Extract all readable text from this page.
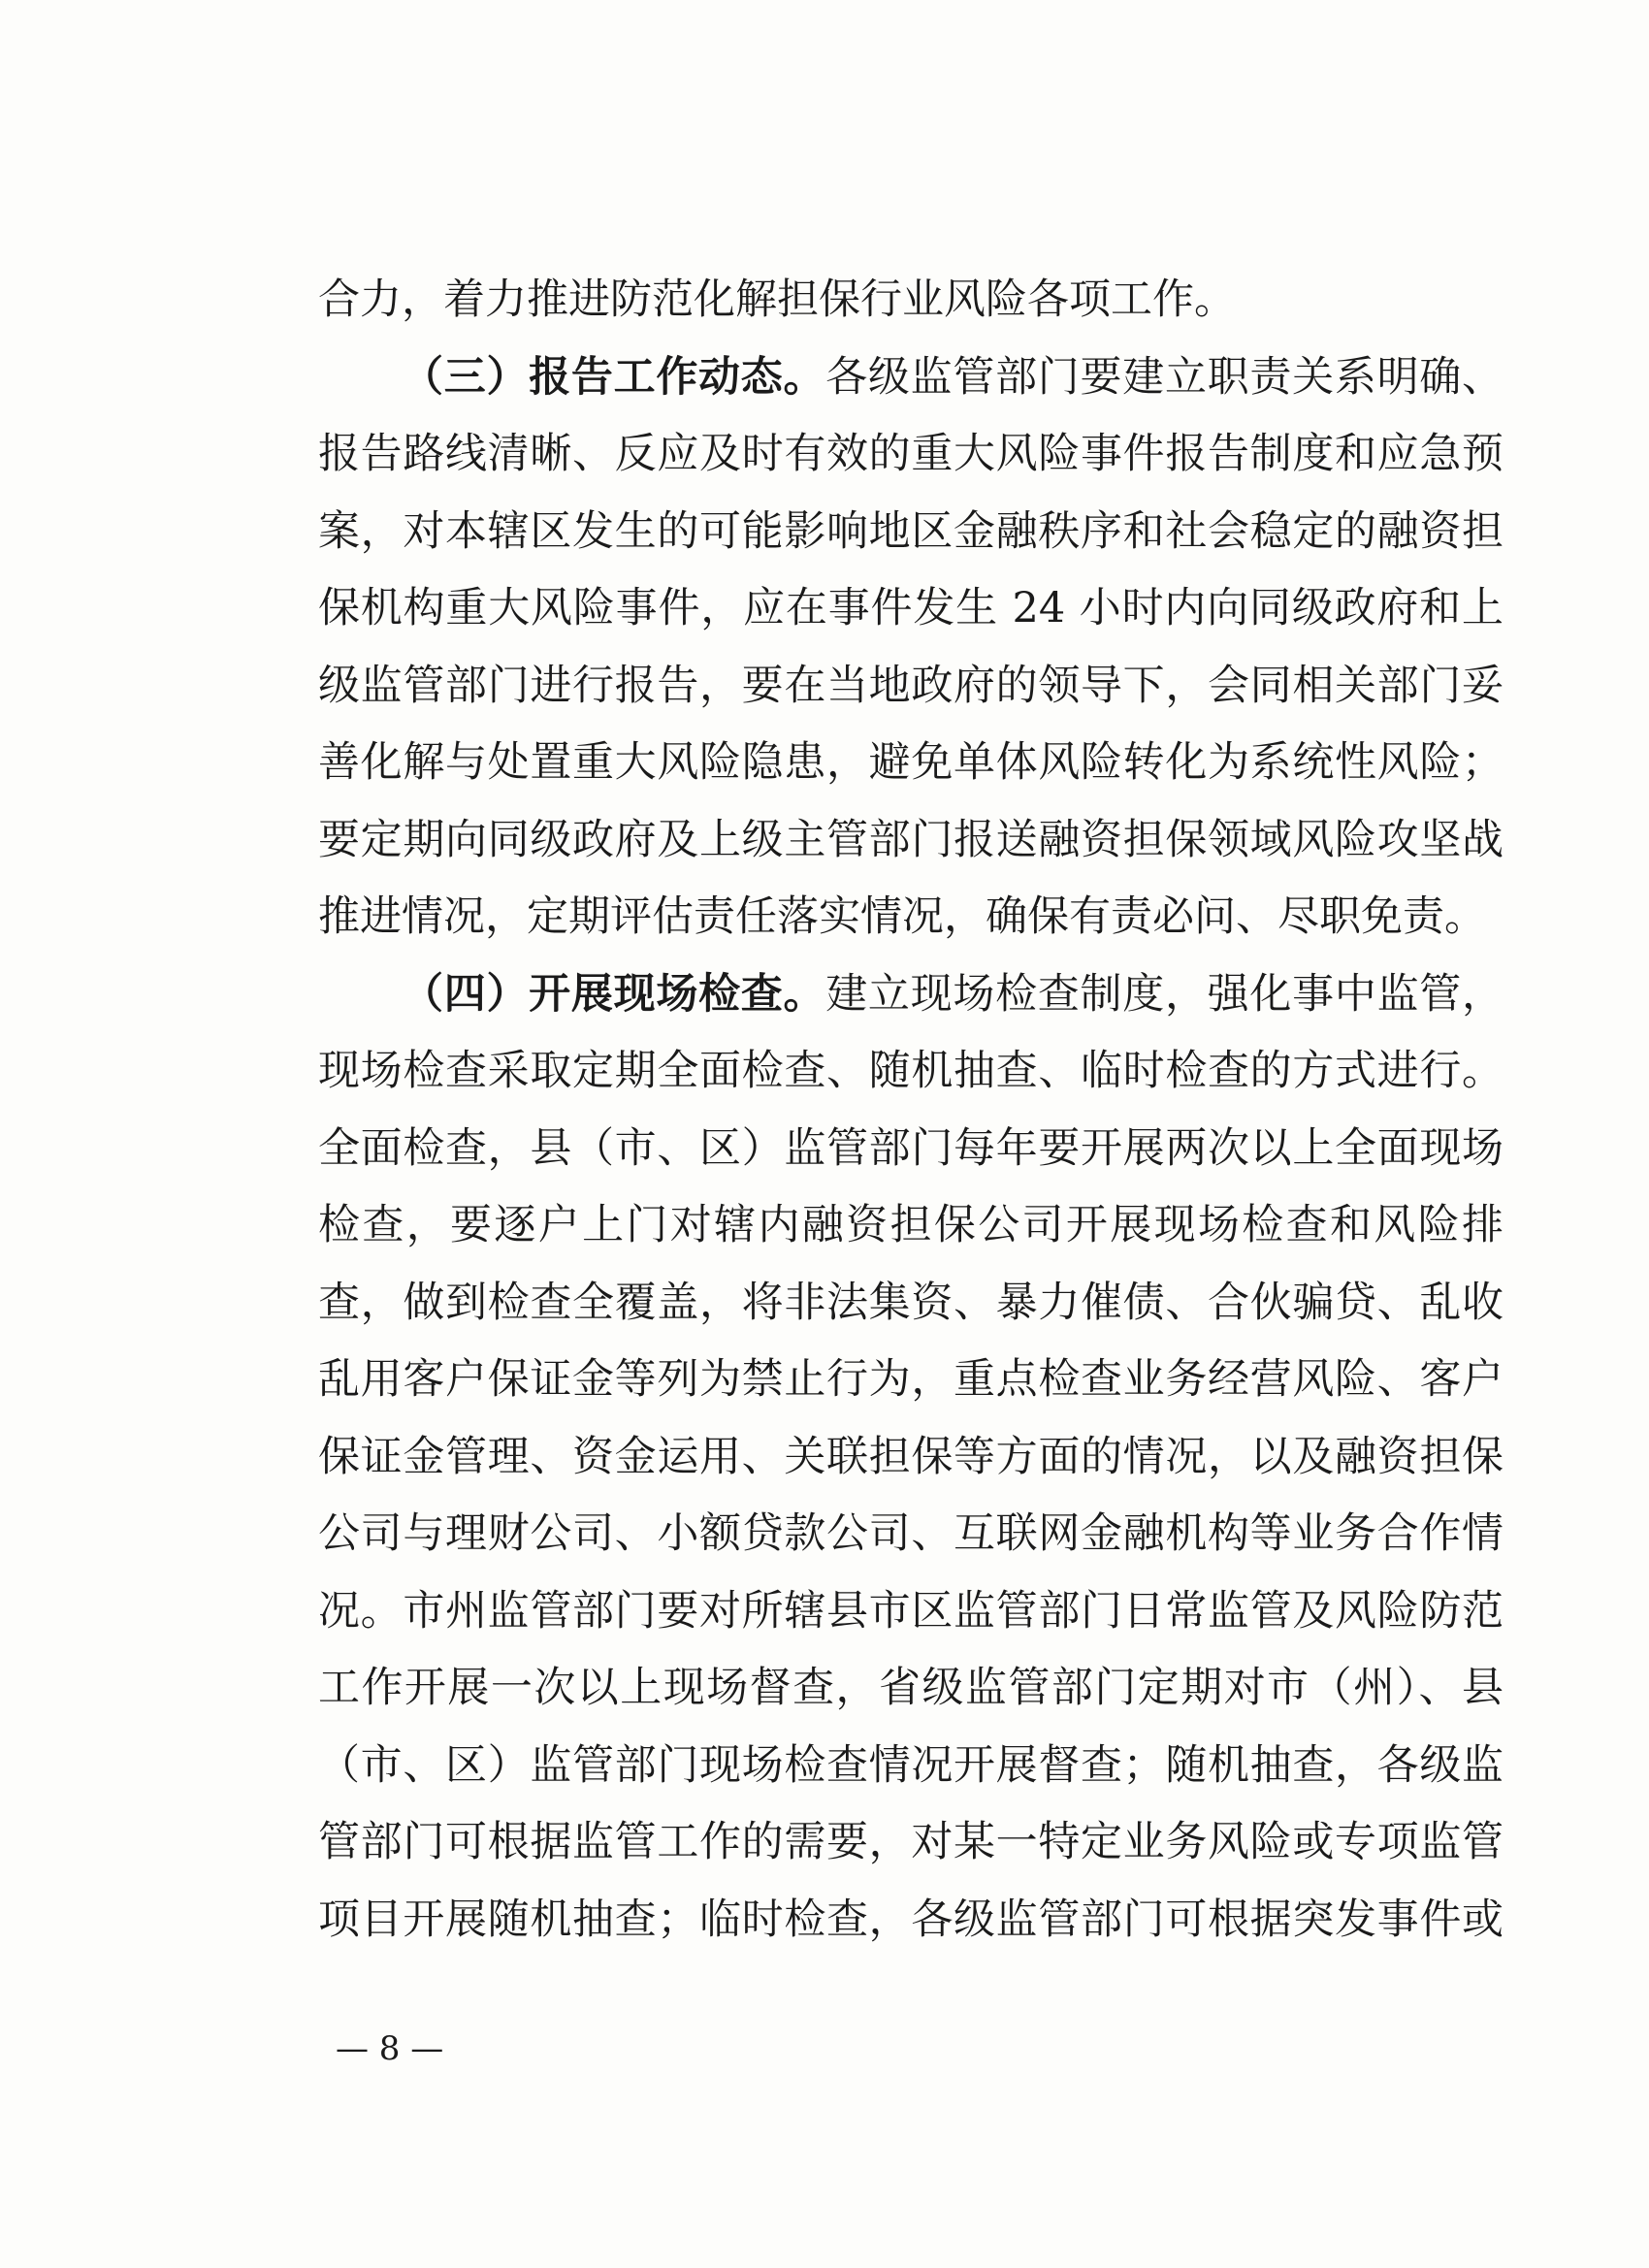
合力，着力推进防范化解担保行业风险各项工作。
（三）报告工作动态。各级监管部门要建立职责关系明确、
报告路线清晰、反应及时有效的重大风险事件报告制度和应急预
案，对本辖区发生的可能影响地区金融秩序和社会稳定的融资担
保机构重大风险事件，应在事件发生 24 小时内向同级政府和上
级监管部门进行报告，要在当地政府的领导下，会同相关部门妥
善化解与处置重大风险隐患，避免单体风险转化为系统性风险；
要定期向同级政府及上级主管部门报送融资担保领域风险攻坚战
推进情况，定期评估责任落实情况，确保有责必问、尽职免责。
（四）开展现场检查。建立现场检查制度，强化事中监管，
现场检查采取定期全面检查、随机抽查、临时检查的方式进行。
全面检查，县（市、区）监管部门每年要开展两次以上全面现场
检查，要逐户上门对辖内融资担保公司开展现场检查和风险排
查，做到检查全覆盖，将非法集资、暴力催债、合伙骗贷、乱收
乱用客户保证金等列为禁止行为，重点检查业务经营风险、客户
保证金管理、资金运用、关联担保等方面的情况，以及融资担保
公司与理财公司、小额贷款公司、互联网金融机构等业务合作情
况。市州监管部门要对所辖县市区监管部门日常监管及风险防范
工作开展一次以上现场督查，省级监管部门定期对市（州）、县
（市、区）监管部门现场检查情况开展督查；随机抽查，各级监
管部门可根据监管工作的需要，对某一特定业务风险或专项监管
项目开展随机抽查；临时检查，各级监管部门可根据突发事件或
— 8 —
